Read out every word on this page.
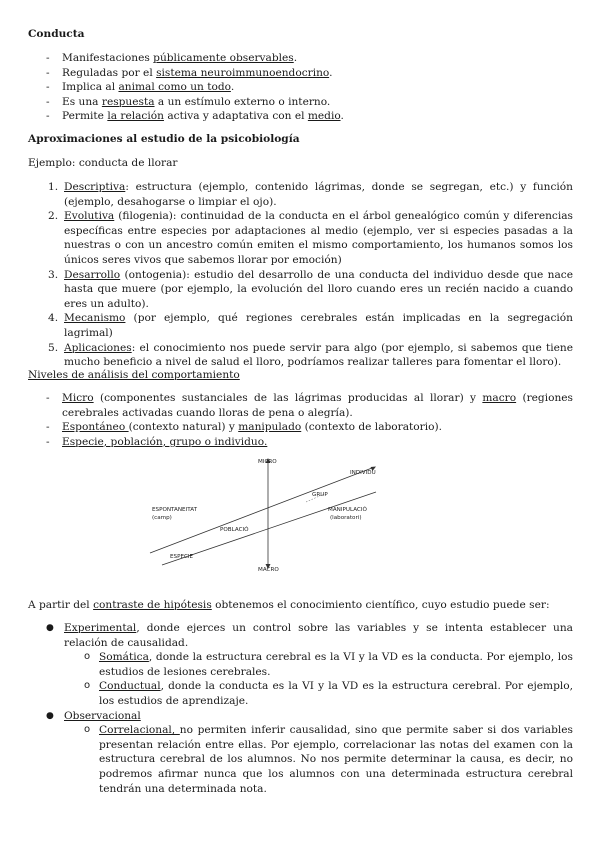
Conducta
- Manifestaciones públicamente observables.
- Reguladas por el sistema neuroimmunoendocrino.
- Implica al animal como un todo.
- Es una respuesta a un estímulo externo o interno.
- Permite la relación activa y adaptativa con el medio.
Aproximaciones al estudio de la psicobiología
Ejemplo: conducta de llorar
1. Descriptiva: estructura (ejemplo, contenido lágrimas, donde se segregan, etc.) y función (ejemplo, desahogarse o limpiar el ojo).
2. Evolutiva (filogenia): continuidad de la conducta en el árbol genealógico común y diferencias específicas entre especies por adaptaciones al medio (ejemplo, ver si especies pasadas a la nuestras o con un ancestro común emiten el mismo comportamiento, los humanos somos los únicos seres vivos que sabemos llorar por emoción)
3. Desarrollo (ontogenia): estudio del desarrollo de una conducta del individuo desde que nace hasta que muere (por ejemplo, la evolución del lloro cuando eres un recién nacido a cuando eres un adulto).
4. Mecanismo (por ejemplo, qué regiones cerebrales están implicadas en la segregación lagrimal)
5. Aplicaciones: el conocimiento nos puede servir para algo (por ejemplo, si sabemos que tiene mucho beneficio a nivel de salud el lloro, podríamos realizar talleres para fomentar el lloro).
Niveles de análisis del comportamiento
- Micro (componentes sustanciales de las lágrimas producidas al llorar) y macro (regiones cerebrales activadas cuando lloras de pena o alegría).
- Espontáneo (contexto natural) y manipulado (contexto de laboratorio).
- Especie, población, grupo o individuo.
MICRO
MACRO
ESPONTANEITAT
(camp)
MANIPULACIÓ
(laboratori)
INDIVIDU
GRUP
POBLACIÓ
ESPECIE
A partir del contraste de hipótesis obtenemos el conocimiento científico, cuyo estudio puede ser:
● Experimental, donde ejerces un control sobre las variables y se intenta establecer una relación de causalidad.
o Somática, donde la estructura cerebral es la VI y la VD es la conducta. Por ejemplo, los estudios de lesiones cerebrales.
o Conductual, donde la conducta es la VI y la VD es la estructura cerebral. Por ejemplo, los estudios de aprendizaje.
● Observacional
o Correlacional, no permiten inferir causalidad, sino que permite saber si dos variables presentan relación entre ellas. Por ejemplo, correlacionar las notas del examen con la estructura cerebral de los alumnos. No nos permite determinar la causa, es decir, no podremos afirmar nunca que los alumnos con una determinada estructura cerebral tendrán una determinada nota.
